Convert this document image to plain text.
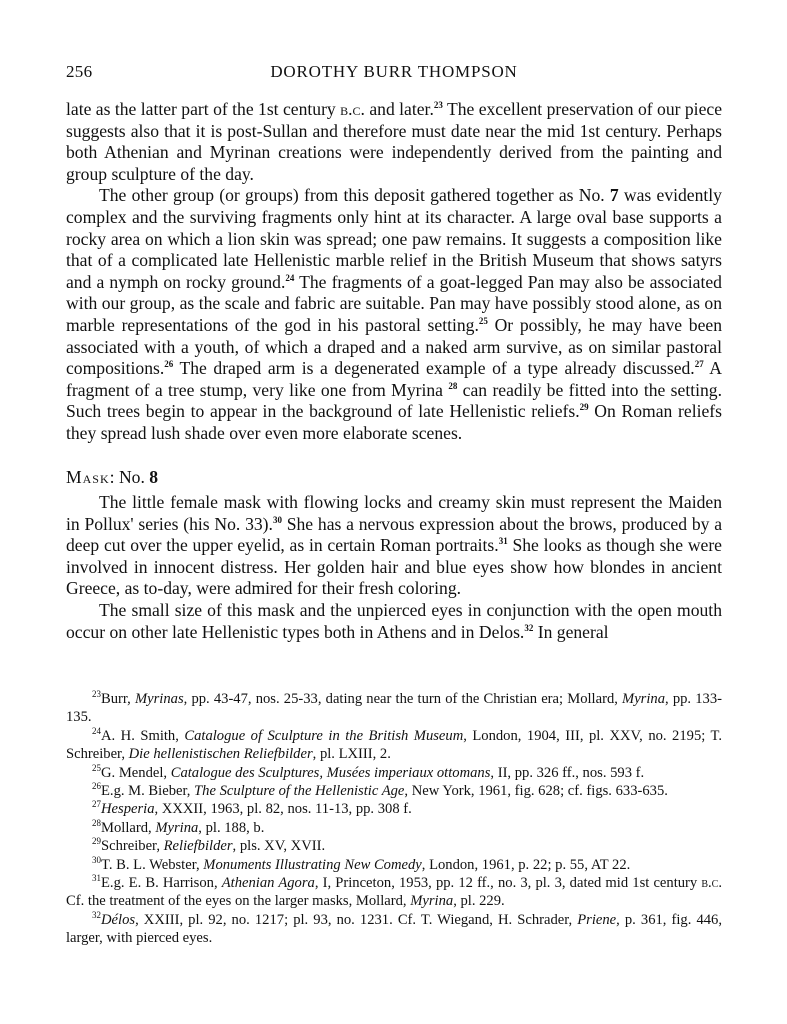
256	DOROTHY BURR THOMPSON

late as the latter part of the 1st century b.c. and later.$^{23}$ The excellent preservation of our piece suggests also that it is post-Sullan and therefore must date near the mid 1st century. Perhaps both Athenian and Myrinan creations were independently derived from the painting and group sculpture of the day.

The other group (or groups) from this deposit gathered together as No. 7 was evidently complex and the surviving fragments only hint at its character. A large oval base supports a rocky area on which a lion skin was spread; one paw remains. It suggests a composition like that of a complicated late Hellenistic marble relief in the British Museum that shows satyrs and a nymph on rocky ground.$^{24}$ The fragments of a goat-legged Pan may also be associated with our group, as the scale and fabric are suitable. Pan may have possibly stood alone, as on marble representations of the god in his pastoral setting.$^{25}$ Or possibly, he may have been associated with a youth, of which a draped and a naked arm survive, as on similar pastoral compositions.$^{26}$ The draped arm is a degenerated example of a type already discussed.$^{27}$ A fragment of a tree stump, very like one from Myrina $^{28}$ can readily be fitted into the setting. Such trees begin to appear in the background of late Hellenistic reliefs.$^{29}$ On Roman reliefs they spread lush shade over even more elaborate scenes.

Mask: No. 8

The little female mask with flowing locks and creamy skin must represent the Maiden in Pollux' series (his No. 33).$^{30}$ She has a nervous expression about the brows, produced by a deep cut over the upper eyelid, as in certain Roman portraits.$^{31}$ She looks as though she were involved in innocent distress. Her golden hair and blue eyes show how blondes in ancient Greece, as to-day, were admired for their fresh coloring.

The small size of this mask and the unpierced eyes in conjunction with the open mouth occur on other late Hellenistic types both in Athens and in Delos.$^{32}$ In general

$^{23}$Burr, Myrinas, pp. 43-47, nos. 25-33, dating near the turn of the Christian era; Mollard, Myrina, pp. 133-135.

$^{24}$A. H. Smith, Catalogue of Sculpture in the British Museum, London, 1904, III, pl. XXV, no. 2195; T. Schreiber, Die hellenistischen Reliefbilder, pl. LXIII, 2.

$^{25}$G. Mendel, Catalogue des Sculptures, Musées imperiaux ottomans, II, pp. 326 ff., nos. 593 f.

$^{26}$E.g. M. Bieber, The Sculpture of the Hellenistic Age, New York, 1961, fig. 628; cf. figs. 633-635.

$^{27}$Hesperia, XXXII, 1963, pl. 82, nos. 11-13, pp. 308 f.

$^{28}$Mollard, Myrina, pl. 188, b.

$^{29}$Schreiber, Reliefbilder, pls. XV, XVII.

$^{30}$T. B. L. Webster, Monuments Illustrating New Comedy, London, 1961, p. 22; p. 55, AT 22.

$^{31}$E.g. E. B. Harrison, Athenian Agora, I, Princeton, 1953, pp. 12 ff., no. 3, pl. 3, dated mid 1st century b.c. Cf. the treatment of the eyes on the larger masks, Mollard, Myrina, pl. 229.

$^{32}$Délos, XXIII, pl. 92, no. 1217; pl. 93, no. 1231. Cf. T. Wiegand, H. Schrader, Priene, p. 361, fig. 446, larger, with pierced eyes.
